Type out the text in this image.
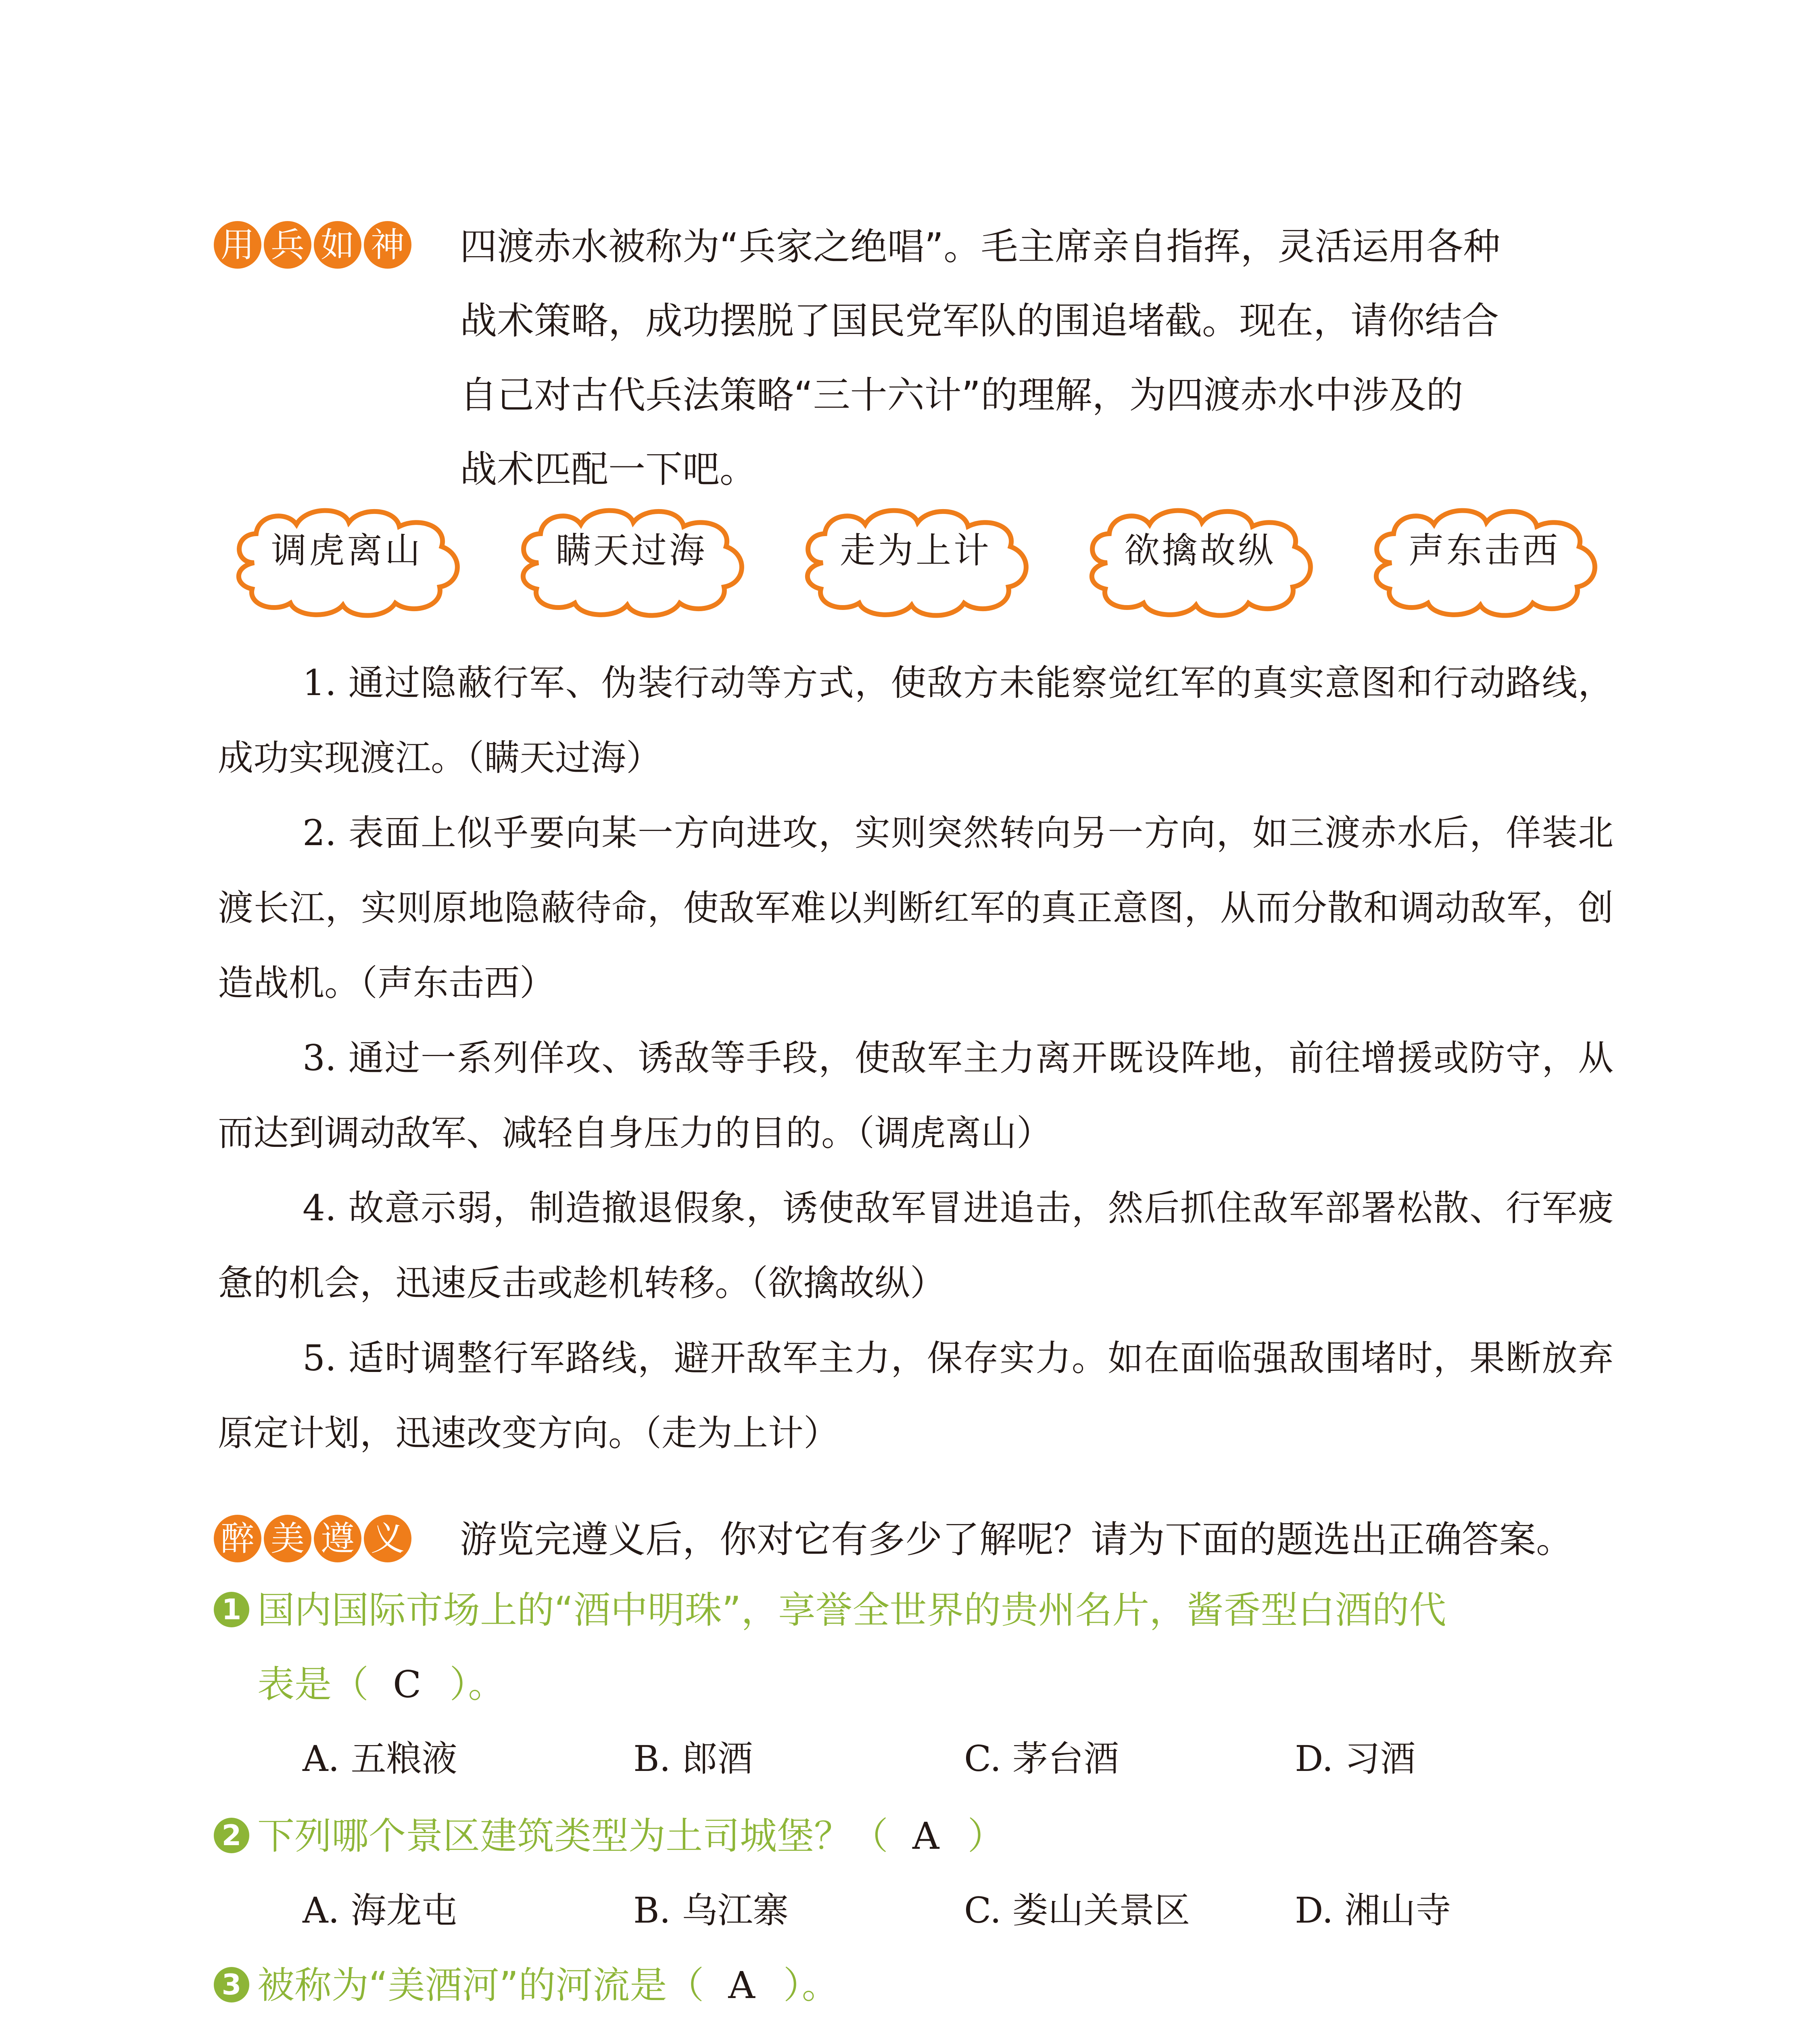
用 兵 如 神 四渡赤水被称为“兵家之绝唱”。毛主席亲自指挥，灵活运用各种
战术策略，成功摆脱了国民党军队的围追堵截。现在，请你结合
自己对古代兵法策略“三十六计”的理解，为四渡赤水中涉及的
战术匹配一下吧。
调虎离山	瞒天过海	走为上计	欲擒故纵	声东击西
1. 通过隐蔽行军、伪装行动等方式，使敌方未能察觉红军的真实意图和行动路线，成功实现渡江。（瞒天过海）
2. 表面上似乎要向某一方向进攻，实则突然转向另一方向，如三渡赤水后，佯装北渡长江，实则原地隐蔽待命，使敌军难以判断红军的真正意图，从而分散和调动敌军，创造战机。（声东击西）
3. 通过一系列佯攻、诱敌等手段，使敌军主力离开既设阵地，前往增援或防守，从而达到调动敌军、减轻自身压力的目的。（调虎离山）
4. 故意示弱，制造撤退假象，诱使敌军冒进追击，然后抓住敌军部署松散、行军疲惫的机会，迅速反击或趁机转移。（欲擒故纵）
5. 适时调整行军路线，避开敌军主力，保存实力。如在面临强敌围堵时，果断放弃原定计划，迅速改变方向。（走为上计）
醉 美 遵 义 游览完遵义后，你对它有多少了解呢？请为下面的题选出正确答案。
1 国内国际市场上的“酒中明珠”，享誉全世界的贵州名片，酱香型白酒的代
表是（ C ）。
A. 五粮液	B. 郎酒	C. 茅台酒	D. 习酒
2 下列哪个景区建筑类型为土司城堡？（ A ）
A. 海龙屯	B. 乌江寨	C. 娄山关景区	D. 湘山寺
3 被称为“美酒河”的河流是（ A ）。
